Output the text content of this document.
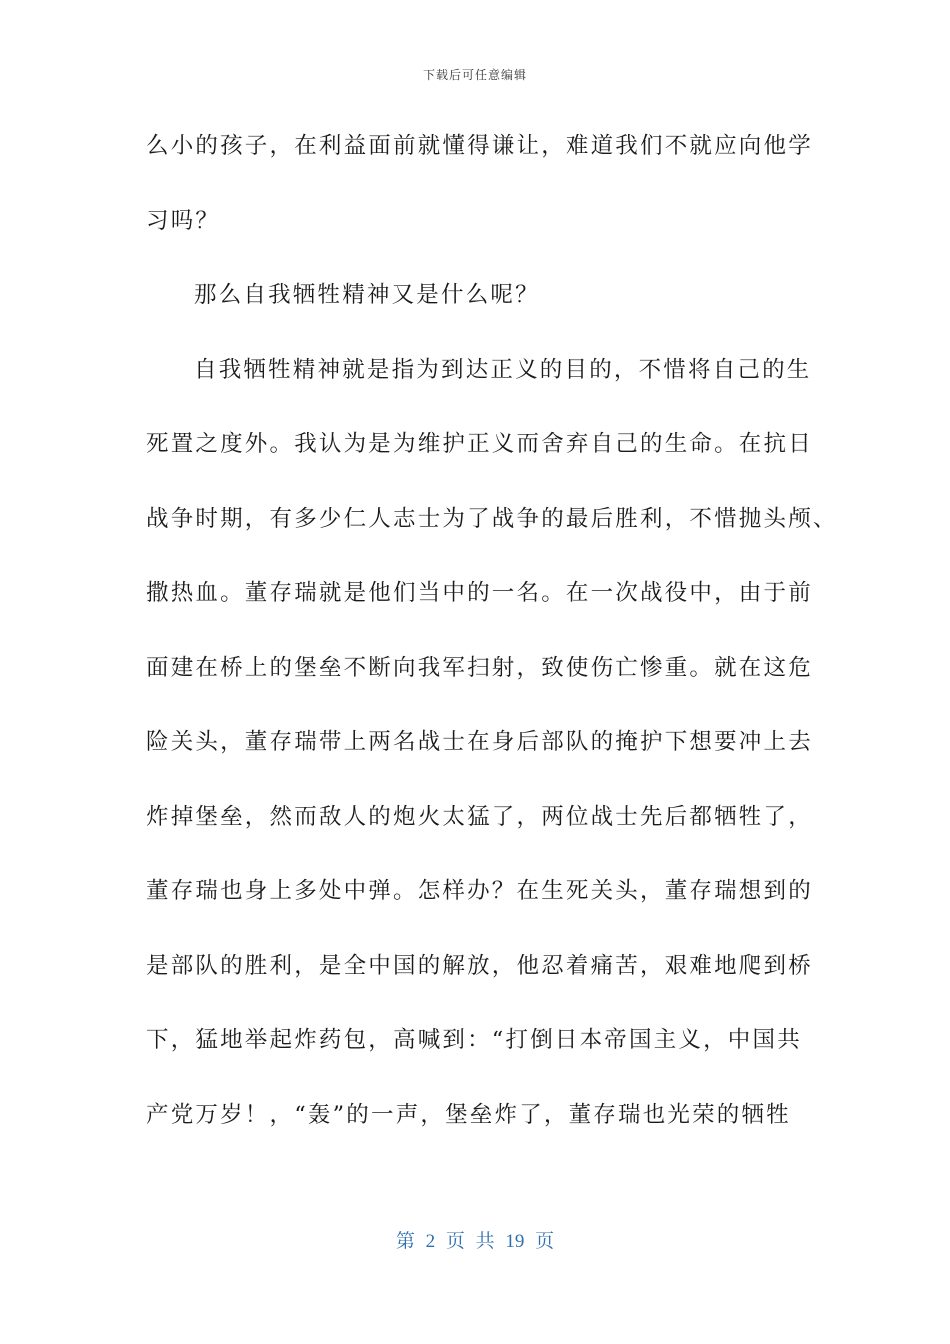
下载后可任意编辑
么小的孩子，在利益面前就懂得谦让，难道我们不就应向他学
习吗？
那么自我牺牲精神又是什么呢？
自我牺牲精神就是指为到达正义的目的，不惜将自己的生
死置之度外。我认为是为维护正义而舍弃自己的生命。在抗日
战争时期，有多少仁人志士为了战争的最后胜利，不惜抛头颅、
撒热血。董存瑞就是他们当中的一名。在一次战役中，由于前
面建在桥上的堡垒不断向我军扫射，致使伤亡惨重。就在这危
险关头，董存瑞带上两名战士在身后部队的掩护下想要冲上去
炸掉堡垒，然而敌人的炮火太猛了，两位战士先后都牺牲了，
董存瑞也身上多处中弹。怎样办？在生死关头，董存瑞想到的
是部队的胜利，是全中国的解放，他忍着痛苦，艰难地爬到桥
下，猛地举起炸药包，高喊到：“打倒日本帝国主义，中国共
产党万岁！，“轰”的一声，堡垒炸了，董存瑞也光荣的牺牲
第 2 页 共 19 页
